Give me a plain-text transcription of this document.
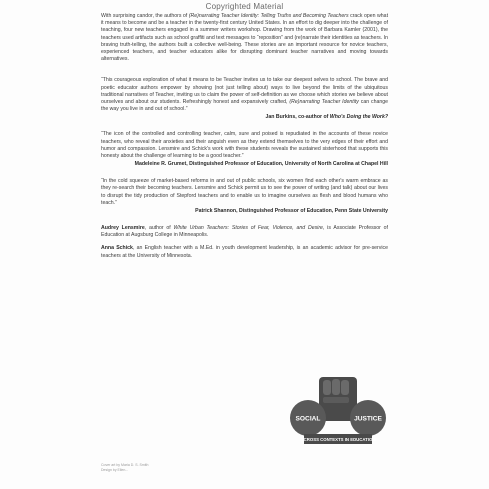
Copyrighted Material

With surprising candor, the authors of (Re)narrating Teacher Identity: Telling Truths and Becoming Teachers crack open what it means to become and be a teacher in the twenty-first century United States. In an effort to dig deeper into the challenge of teaching, four new teachers engaged in a summer writers workshop. Drawing from the work of Barbara Kamler (2001), the teachers used artifacts such as school graffiti and text messages to “reposition” and (re)narrate their identities as teachers. In braving truth-telling, the authors built a collective well-being. These stories are an important resource for novice teachers, experienced teachers, and teacher educators alike for disrupting dominant teacher narratives and moving towards alternatives.

“This courageous exploration of what it means to be Teacher invites us to take our deepest selves to school. The brave and poetic educator authors empower by showing (not just telling about) ways to live beyond the limits of the ubiquitous traditional narratives of Teacher, inviting us to claim the power of self-definition as we choose which stories we believe about ourselves and about our students. Refreshingly honest and expansively crafted, (Re)narrating Teacher Identity can change the way you live in and out of school.”

Jan Burkins, co-author of Who's Doing the Work?

“The icon of the controlled and controlling teacher, calm, sure and poised is repudiated in the accounts of these novice teachers, who reveal their anxieties and their anguish even as they extend themselves to the very edges of their effort and humor and compassion. Lensmire and Schick's work with these students reveals the sustained sisterhood that supports this honesty about the challenge of learning to be a good teacher.”

Madeleine R. Grumet, Distinguished Professor of Education, University of North Carolina at Chapel Hill

“In the cold squeeze of market-based reforms in and out of public schools, six women find each other's warm embrace as they re-search their becoming teachers. Lensmire and Schick permit us to see the power of writing (and talk) about our lives to disrupt the tidy production of Stepford teachers and to enable us to imagine ourselves as flesh and blood humans who teach.”

Patrick Shannon, Distinguished Professor of Education, Penn State University

Audrey Lensmire, author of White Urban Teachers: Stories of Fear, Violence, and Desire, is Associate Professor of Education at Augsburg College in Minneapolis.

Anna Schick, an English teacher with a M.Ed. in youth development leadership, is an academic advisor for pre-service teachers at the University of Minnesota.

Cover art by Maria D. S. Smith
Design by Ellen...
SOCIAL	JUSTICE
ACROSS CONTEXTS IN EDUCATION
